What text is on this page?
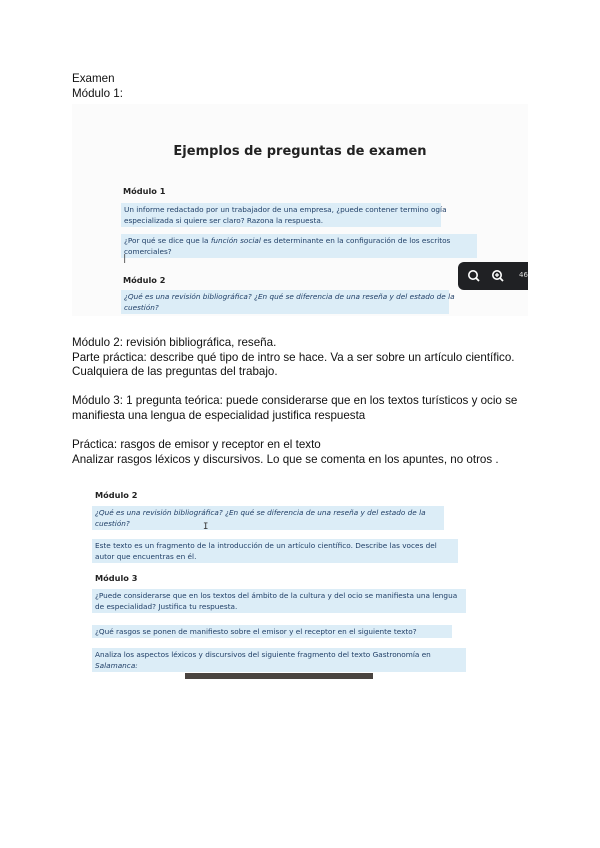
Examen
Módulo 1:
Ejemplos de preguntas de examen
Módulo 1
Un informe redactado por un trabajador de una empresa, ¿puede contener termino ogía
especializada si quiere ser claro? Razona la respuesta.
¿Por qué se dice que la función social es determinante en la configuración de los escritos
comerciales?
|
Módulo 2
¿Qué es una revisión bibliográfica? ¿En qué se diferencia de una reseña y del estado de la
cuestión?
46
Módulo 2: revisión bibliográfica, reseña.
Parte práctica: describe qué tipo de intro se hace. Va a ser sobre un artículo científico.
Cualquiera de las preguntas del trabajo.
Módulo 3: 1 pregunta teórica: puede considerarse que en los textos turísticos y ocio se
manifiesta una lengua de especialidad justifica respuesta
Práctica: rasgos de emisor y receptor en el texto
Analizar rasgos léxicos y discursivos. Lo que se comenta en los apuntes, no otros .
Módulo 2
¿Qué es una revisión bibliográfica? ¿En qué se diferencia de una reseña y del estado de la
cuestión?	I
Este texto es un fragmento de la introducción de un artículo científico. Describe las voces del
autor que encuentras en él.
Módulo 3
¿Puede considerarse que en los textos del ámbito de la cultura y del ocio se manifiesta una lengua
de especialidad? Justifica tu respuesta.
¿Qué rasgos se ponen de manifiesto sobre el emisor y el receptor en el siguiente texto?
Analiza los aspectos léxicos y discursivos del siguiente fragmento del texto Gastronomía en
Salamanca:
